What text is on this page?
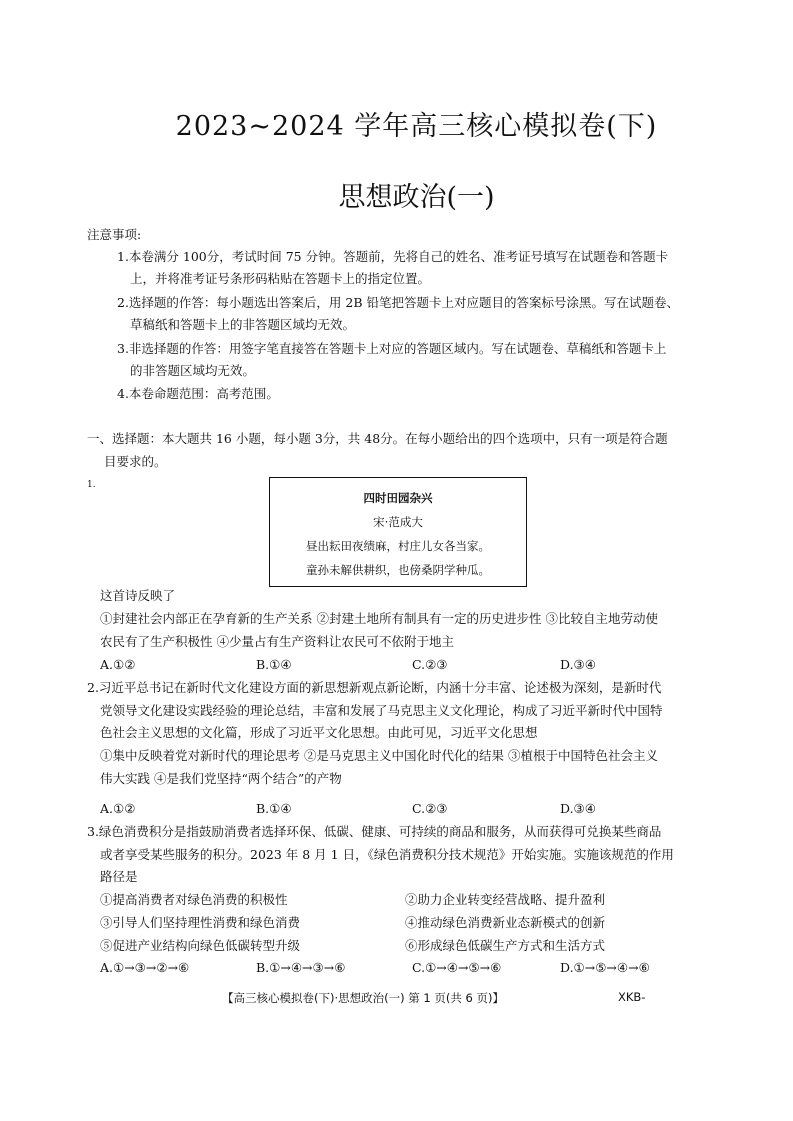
2023~2024 学年高三核心模拟卷(下)
思想政治(一)
注意事项:
1.本卷满分 100分，考试时间 75 分钟。答题前，先将自己的姓名、准考证号填写在试题卷和答题卡
上，并将准考证号条形码粘贴在答题卡上的指定位置。
2.选择题的作答：每小题选出答案后，用 2B 铅笔把答题卡上对应题目的答案标号涂黑。写在试题卷、
草稿纸和答题卡上的非答题区域均无效。
3.非选择题的作答：用签字笔直接答在答题卡上对应的答题区域内。写在试题卷、草稿纸和答题卡上
的非答题区域均无效。
4.本卷命题范围：高考范围。
一、选择题：本大题共 16 小题，每小题 3分，共 48分。在每小题给出的四个选项中，只有一项是符合题
目要求的。
1.
四时田园杂兴
宋·范成大
昼出耘田夜绩麻，村庄儿女各当家。
童孙未解供耕织，也傍桑阴学种瓜。
这首诗反映了
①封建社会内部正在孕育新的生产关系 ②封建土地所有制具有一定的历史进步性 ③比较自主地劳动使
农民有了生产积极性 ④少量占有生产资料让农民可不依附于地主
A.①②	B.①④	C.②③	D.③④
2.习近平总书记在新时代文化建设方面的新思想新观点新论断，内涵十分丰富、论述极为深刻，是新时代
党领导文化建设实践经验的理论总结，丰富和发展了马克思主义文化理论，构成了习近平新时代中国特
色社会主义思想的文化篇，形成了习近平文化思想。由此可见，习近平文化思想
①集中反映着党对新时代的理论思考 ②是马克思主义中国化时代化的结果 ③植根于中国特色社会主义
伟大实践 ④是我们党坚持“两个结合”的产物
A.①②	B.①④	C.②③	D.③④
3.绿色消费积分是指鼓励消费者选择环保、低碳、健康、可持续的商品和服务，从而获得可兑换某些商品
或者享受某些服务的积分。2023 年 8 月 1 日，《绿色消费积分技术规范》开始实施。实施该规范的作用
路径是
①提高消费者对绿色消费的积极性	②助力企业转变经营战略、提升盈利
③引导人们坚持理性消费和绿色消费	④推动绿色消费新业态新模式的创新
⑤促进产业结构向绿色低碳转型升级	⑥形成绿色低碳生产方式和生活方式
A.①→③→②→⑥	B.①→④→③→⑥	C.①→④→⑤→⑥	D.①→⑤→④→⑥
【高三核心模拟卷(下)·思想政治(一) 第 1 页(共 6 页)】	XKB-
